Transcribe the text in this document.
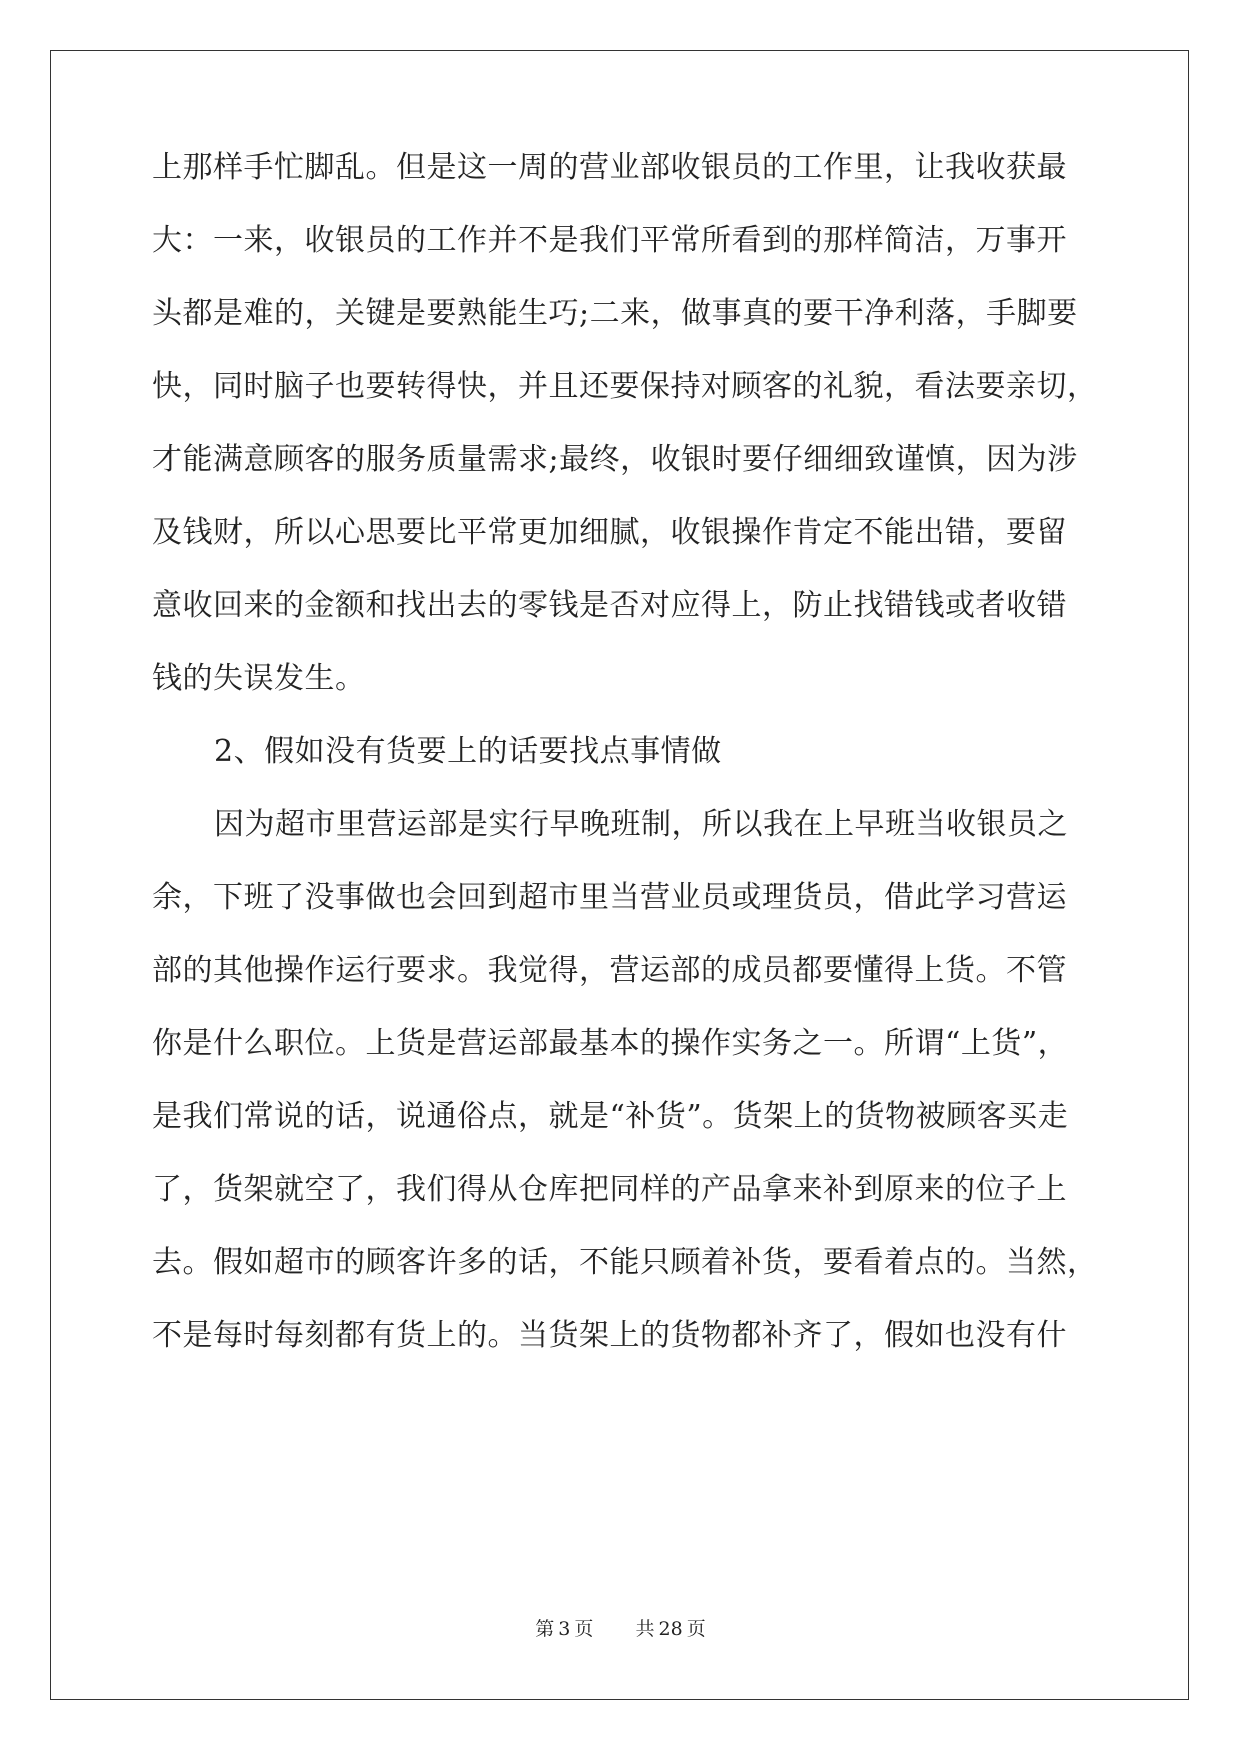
上那样手忙脚乱。但是这一周的营业部收银员的工作里，让我收获最
大：一来，收银员的工作并不是我们平常所看到的那样简洁，万事开
头都是难的，关键是要熟能生巧;二来，做事真的要干净利落，手脚要
快，同时脑子也要转得快，并且还要保持对顾客的礼貌，看法要亲切，
才能满意顾客的服务质量需求;最终，收银时要仔细细致谨慎，因为涉
及钱财，所以心思要比平常更加细腻，收银操作肯定不能出错，要留
意收回来的金额和找出去的零钱是否对应得上，防止找错钱或者收错
钱的失误发生。
2、假如没有货要上的话要找点事情做
因为超市里营运部是实行早晚班制，所以我在上早班当收银员之
余，下班了没事做也会回到超市里当营业员或理货员，借此学习营运
部的其他操作运行要求。我觉得，营运部的成员都要懂得上货。不管
你是什么职位。上货是营运部最基本的操作实务之一。所谓“上货”，
是我们常说的话，说通俗点，就是“补货”。货架上的货物被顾客买走
了，货架就空了，我们得从仓库把同样的产品拿来补到原来的位子上
去。假如超市的顾客许多的话，不能只顾着补货，要看着点的。当然，
不是每时每刻都有货上的。当货架上的货物都补齐了，假如也没有什
第 3 页 共 28 页
